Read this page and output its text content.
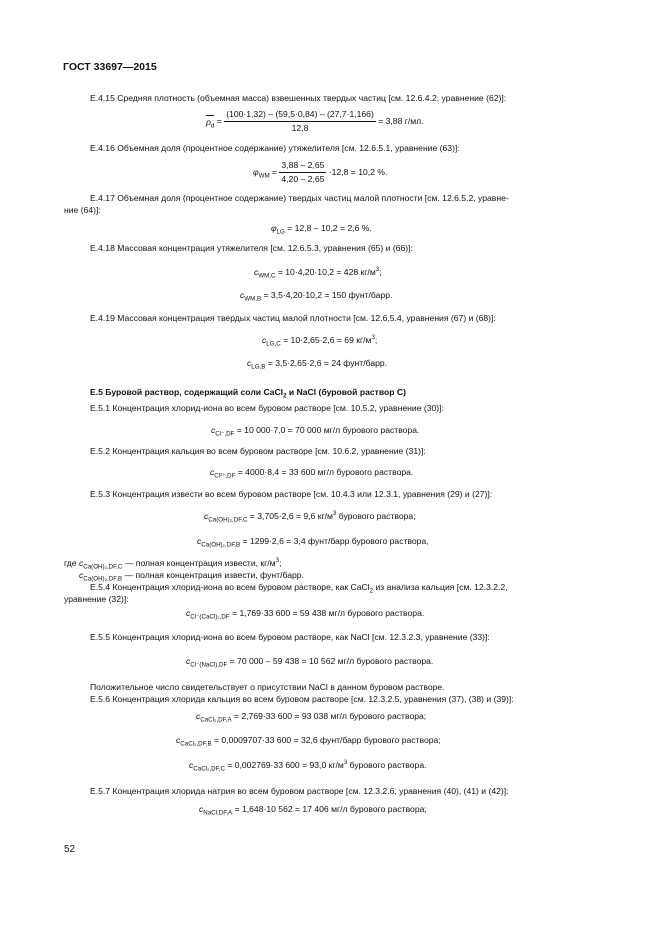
ГОСТ 33697—2015
E.4.15 Средняя плотность (объемная масса) взвешенных твердых частиц [см. 12.6.4.2, уравнение (62)]:
$\rho_d = \frac{(100\cdot 1,32) - (59,5\cdot 0,84) - (27,7\cdot 1,166)}{12,8} = 3,88$ г/мл.
E.4.16 Объемная доля (процентное содержание) утяжелителя [см. 12.6.5.1, уравнение (63)]:
$\varphi_{WM} = \frac{3,88 - 2,65}{4,20 - 2,65} \cdot 12,8 = 10,2$ %.
E.4.17 Объемная доля (процентное содержание) твердых частиц малой плотности [см. 12.6.5.2, уравне-
ние (64)]:
$\varphi_{LG} = 12,8 - 10,2 = 2,6$ %.
E.4.18 Массовая концентрация утяжелителя [см. 12.6.5.3, уравнения (65) и (66)]:
$c_{WM,C} = 10\cdot 4,20\cdot 10,2 = 428$ $кг/м^3$;
$c_{WM,B} = 3,5\cdot 4,20\cdot 10,2 = 150$ фунт/барр.
E.4.19 Массовая концентрация твердых частиц малой плотности [см. 12.6.5.4, уравнения (67) и (68)]:
$c_{LG,C} = 10\cdot 2,65\cdot 2,6 = 69$ $кг/м^3$;
$c_{LG,B} = 3,5\cdot 2,65\cdot 2,6 = 24$ фунт/барр.
E.5 Буровой раствор, содержащий соли CaCl$_2$ и NaCl (буровой раствор С)
E.5.1 Концентрация хлорид-иона во всем буровом растворе [см. 10.5.2, уравнение (30)]:
$c_{Cl^-,DF} = 10$ 000·7,0 = 70 000 мг/л бурового раствора.
E.5.2 Концентрация кальция во всем буровом растворе [см. 10.6.2, уравнение (31)]:
$c_{Cl^{2+},DF} = 4000\cdot 8,4 = 33$ 600 мг/л бурового раствора.
E.5.3 Концентрация извести во всем буровом растворе [см. 10.4.3 или 12.3.1, уравнения (29) и (27)]:
$c_{Ca(OH)_2,DF,C} = 3,705\cdot 2,6 = 9,6$ $кг/м^3$ бурового раствора;
$c_{Ca(OH)_2,DF,B} = 1299\cdot 2,6 = 3,4$ фунт/барр бурового раствора,
где $c_{Ca(OH)_2,DF,C}$ — полная концентрация извести, $кг/м^3$;
$c_{Ca(OH)_2,DF,B}$ — полная концентрация извести, фунт/барр.
E.5.4 Концентрация хлорид-иона во всем буровом растворе, как CaCl$_2$ из анализа кальция [см. 12.3.2.2,
уравнение (32)]:
$c_{Cl^-(CaCl)_2,DF} = 1,769\cdot 33$ 600 = 59 438 мг/л бурового раствора.
E.5.5 Концентрация хлорид-иона во всем буровом растворе, как NaCl [см. 12.3.2.3, уравнение (33)]:
$c_{Cl^-(NaCl),DF} = 70$ 000 – 59 438 = 10 562 мг/л бурового раствора.
Положительное число свидетельствует о присутствии NaCl в данном буровом растворе.
E.5.6 Концентрация хлорида кальция во всем буровом растворе [см. 12.3.2.5, уравнения (37), (38) и (39)]:
$c_{CaCl_2,DF,A} = 2,769\cdot 33$ 600 = 93 038 мг/л бурового раствора;
$c_{CaCl_2,DF,B} = 0,0009707\cdot 33$ 600 = 32,6 фунт/барр бурового раствора;
$c_{CaCl_2,DF,C} = 0,002769\cdot 33$ 600 = 93,0 $кг/м^3$ бурового раствора.
E.5.7 Концентрация хлорида натрия во всем буровом растворе [см. 12.3.2.6, уравнения (40), (41) и (42)]:
$c_{NaCl,DF,A} = 1,648\cdot 10$ 562 = 17 406 мг/л бурового раствора;
52
